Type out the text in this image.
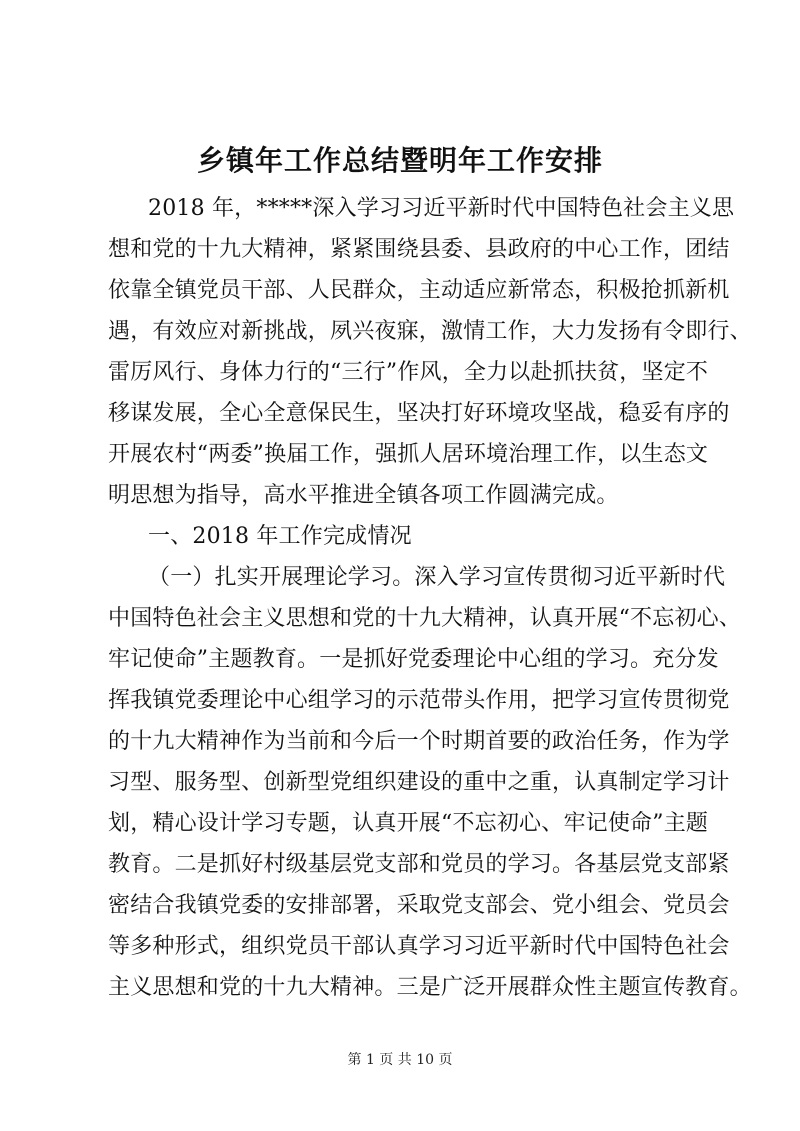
乡镇年工作总结暨明年工作安排
2018 年，*****深入学习习近平新时代中国特色社会主义思
想和党的十九大精神，紧紧围绕县委、县政府的中心工作，团结
依靠全镇党员干部、人民群众，主动适应新常态，积极抢抓新机
遇，有效应对新挑战，夙兴夜寐，激情工作，大力发扬有令即行、
雷厉风行、身体力行的“三行”作风，全力以赴抓扶贫，坚定不
移谋发展，全心全意保民生，坚决打好环境攻坚战，稳妥有序的
开展农村“两委”换届工作，强抓人居环境治理工作，以生态文
明思想为指导，高水平推进全镇各项工作圆满完成。
一、2018 年工作完成情况
（一）扎实开展理论学习。深入学习宣传贯彻习近平新时代
中国特色社会主义思想和党的十九大精神，认真开展“不忘初心、
牢记使命”主题教育。一是抓好党委理论中心组的学习。充分发
挥我镇党委理论中心组学习的示范带头作用，把学习宣传贯彻党
的十九大精神作为当前和今后一个时期首要的政治任务，作为学
习型、服务型、创新型党组织建设的重中之重，认真制定学习计
划，精心设计学习专题，认真开展“不忘初心、牢记使命”主题
教育。二是抓好村级基层党支部和党员的学习。各基层党支部紧
密结合我镇党委的安排部署，采取党支部会、党小组会、党员会
等多种形式，组织党员干部认真学习习近平新时代中国特色社会
主义思想和党的十九大精神。三是广泛开展群众性主题宣传教育。
第 1 页 共 10 页
